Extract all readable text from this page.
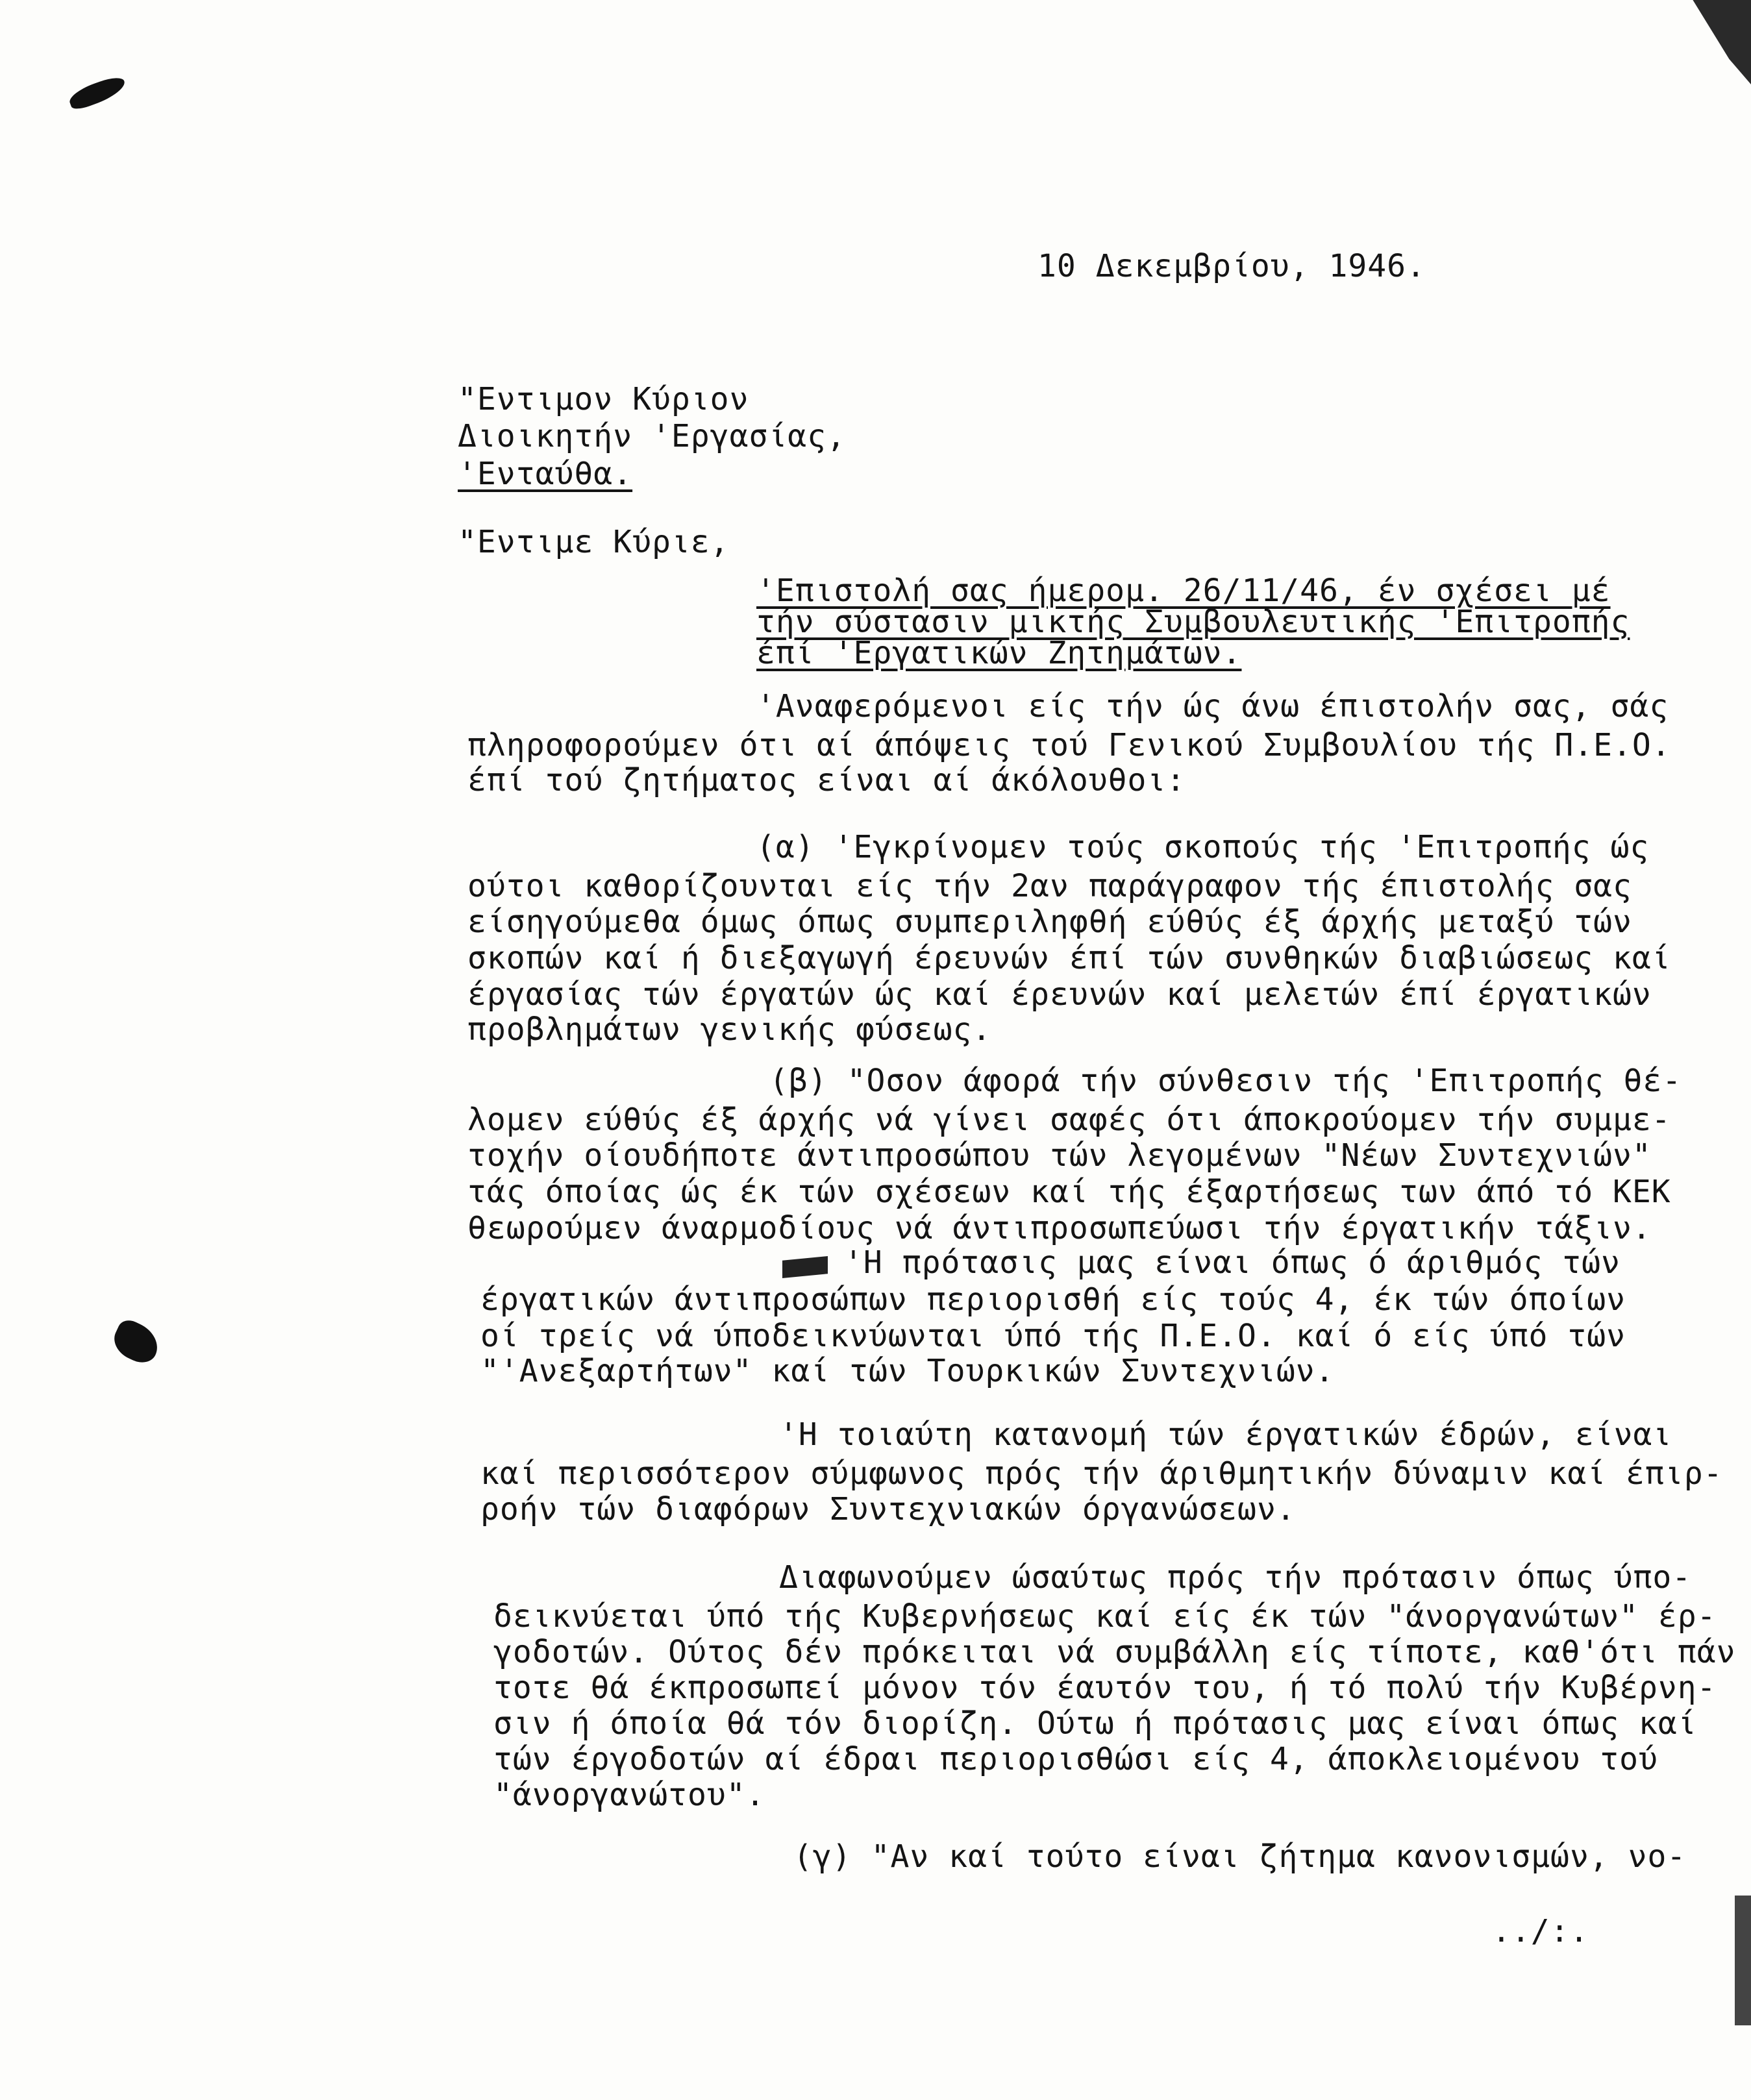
10 Δεκεμβρίου, 1946.
"Εντιμον Κύριον
Διοικητήν 'Εργασίας,
'Ενταύθα.
"Εντιμε Κύριε,
'Επιστολή σας ήμερομ. 26/11/46, έν σχέσει μέ
τήν σύστασιν μικτής Συμβουλευτικής 'Επιτροπής
έπί 'Εργατικών Ζητημάτων.
'Αναφερόμενοι είς τήν ώς άνω έπιστολήν σας, σάς
πληροφορούμεν ότι αί άπόψεις τού Γενικού Συμβουλίου τής Π.Ε.Ο.
έπί τού ζητήματος είναι αί άκόλουθοι:
(α) 'Εγκρίνομεν τούς σκοπούς τής 'Επιτροπής ώς
ούτοι καθορίζουνται είς τήν 2αν παράγραφον τής έπιστολής σας
είσηγούμεθα όμως όπως συμπεριληφθή εύθύς έξ άρχής μεταξύ τών
σκοπών καί ή διεξαγωγή έρευνών έπί τών συνθηκών διαβιώσεως καί
έργασίας τών έργατών ώς καί έρευνών καί μελετών έπί έργατικών
προβλημάτων γενικής φύσεως.
(β) "Οσον άφορά τήν σύνθεσιν τής 'Επιτροπής θέ-
λομεν εύθύς έξ άρχής νά γίνει σαφές ότι άποκρούομεν τήν συμμε-
τοχήν οίουδήποτε άντιπροσώπου τών λεγομένων "Νέων Συντεχνιών"
τάς όποίας ώς έκ τών σχέσεων καί τής έξαρτήσεως των άπό τό ΚΕΚ
θεωρούμεν άναρμοδίους νά άντιπροσωπεύωσι τήν έργατικήν τάξιν.
'Η πρότασις μας είναι όπως ό άριθμός τών
έργατικών άντιπροσώπων περιορισθή είς τούς 4, έκ τών όποίων
οί τρείς νά ύποδεικνύωνται ύπό τής Π.Ε.Ο. καί ό είς ύπό τών
"'Ανεξαρτήτων" καί τών Τουρκικών Συντεχνιών.
'Η τοιαύτη κατανομή τών έργατικών έδρών, είναι
καί περισσότερον σύμφωνος πρός τήν άριθμητικήν δύναμιν καί έπιρ-
ροήν τών διαφόρων Συντεχνιακών όργανώσεων.
Διαφωνούμεν ώσαύτως πρός τήν πρότασιν όπως ύπο-
δεικνύεται ύπό τής Κυβερνήσεως καί είς έκ τών "άνοργανώτων" έρ-
γοδοτών. Ούτος δέν πρόκειται νά συμβάλλη είς τίποτε, καθ'ότι πάν
τοτε θά έκπροσωπεί μόνον τόν έαυτόν του, ή τό πολύ τήν Κυβέρνη-
σιν ή όποία θά τόν διορίζη. Ούτω ή πρότασις μας είναι όπως καί
τών έργοδοτών αί έδραι περιορισθώσι είς 4, άποκλειομένου τού
"άνοργανώτου".
(γ) "Αν καί τούτο είναι ζήτημα κανονισμών, νο-
../:.
